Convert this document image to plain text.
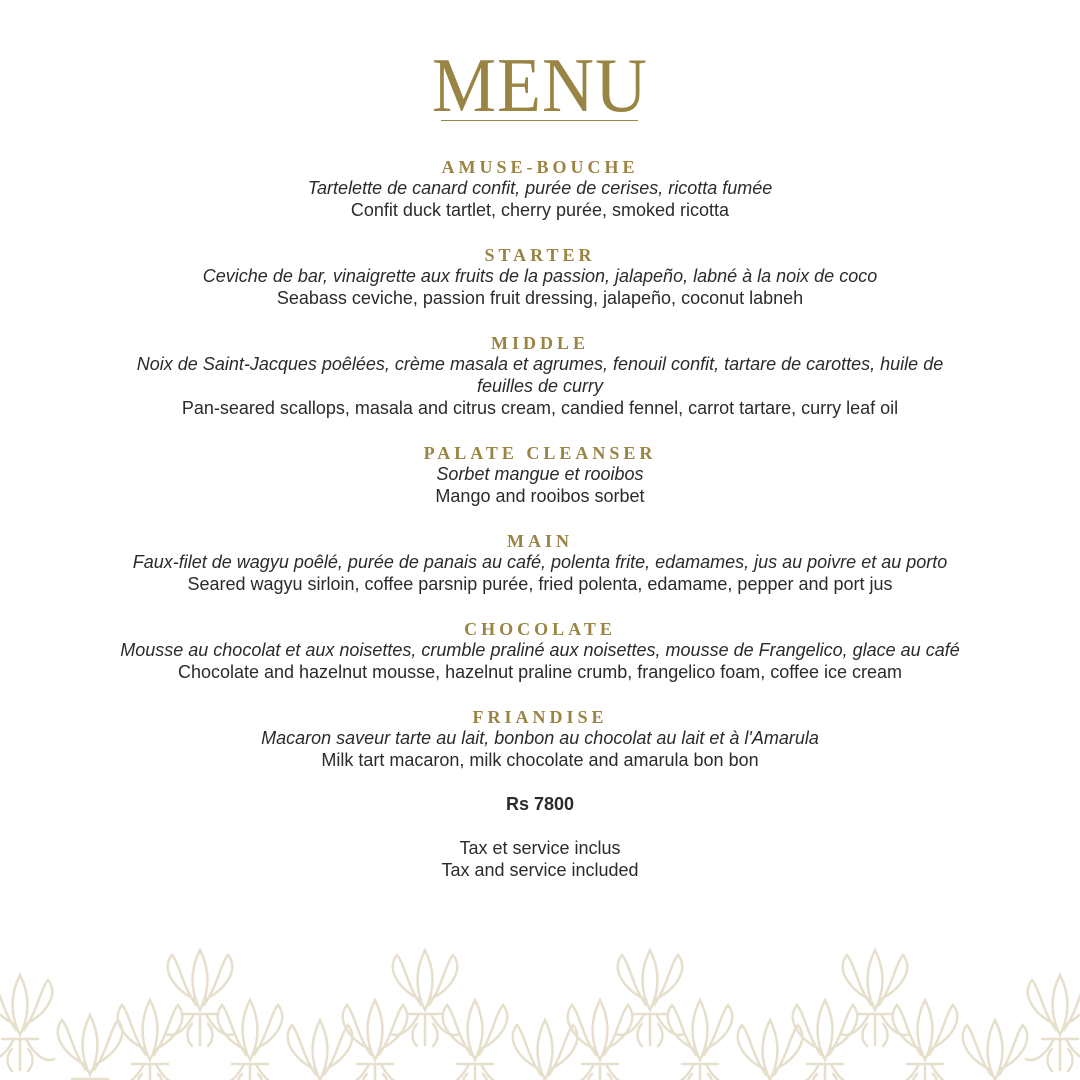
MENU
AMUSE-BOUCHE
Tartelette de canard confit, purée de cerises, ricotta fumée
Confit duck tartlet, cherry purée, smoked ricotta
STARTER
Ceviche de bar, vinaigrette aux fruits de la passion, jalapeño, labné à la noix de coco
Seabass ceviche, passion fruit dressing, jalapeño, coconut labneh
MIDDLE
Noix de Saint-Jacques poêlées, crème masala et agrumes, fenouil confit, tartare de carottes, huile de feuilles de curry
Pan-seared scallops, masala and citrus cream, candied fennel, carrot tartare, curry leaf oil
PALATE CLEANSER
Sorbet mangue et rooibos
Mango and rooibos sorbet
MAIN
Faux-filet de wagyu poêlé, purée de panais au café, polenta frite, edamames, jus au poivre et au porto
Seared wagyu sirloin, coffee parsnip purée, fried polenta, edamame, pepper and port jus
CHOCOLATE
Mousse au chocolat et aux noisettes, crumble praliné aux noisettes, mousse de Frangelico, glace au café
Chocolate and hazelnut mousse, hazelnut praline crumb, frangelico foam, coffee ice cream
FRIANDISE
Macaron saveur tarte au lait, bonbon au chocolat au lait et à l'Amarula
Milk tart macaron, milk chocolate and amarula bon bon
Rs 7800
Tax et service inclus
Tax and service included
